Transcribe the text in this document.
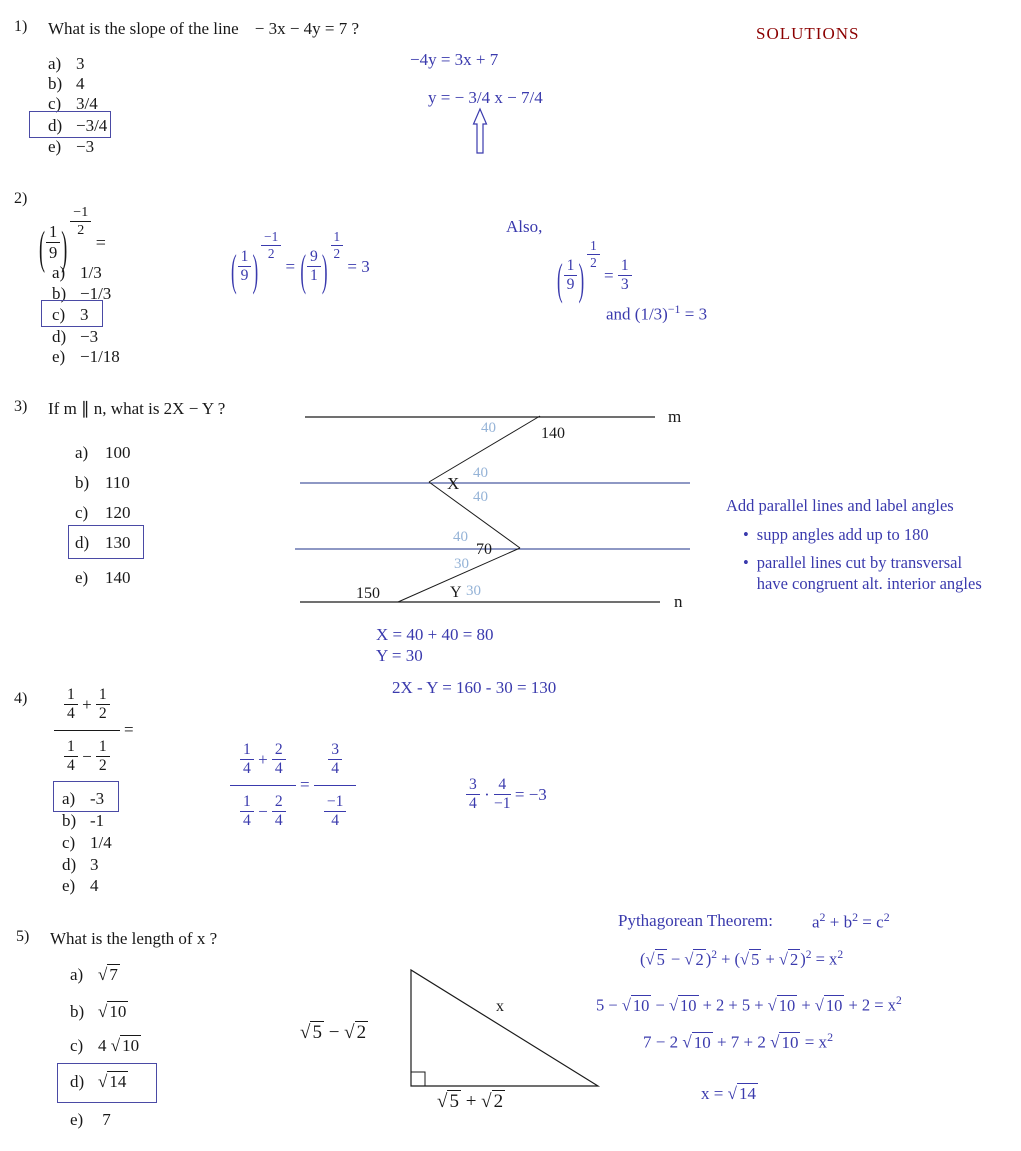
SOLUTIONS
1) What is the slope of the line − 3x − 4y = 7 ?
a) 3
b) 4
c) 3/4
d) −3/4
e) −3
−4y = 3x + 7
y = − 3/4 x − 7/4
2)
( $\frac{1}{9}$ ) $\frac{-1}{2}$
=
a) 1/3
b) −1/3
c) 3
d) −3
e) −1/18
( $\frac{1}{9}$ )
$\frac{-1}{2}$
= ( $\frac{9}{1}$ )
$\frac{1}{2}$
= 3
Also,
( $\frac{1}{9}$ )
$\frac{1}{2}$
= $\frac{1}{3}$
and $(1/3)^{-1} = 3$
3) If m ∥ n, what is 2X − Y ?
a) 100
b) 110
c) 120
d) 130
e) 140
m
n
40	140
40
X
40
40
70
30
150	Y 30
Add parallel lines and label angles
• supp angles add up to 180
• parallel lines cut by transversal have congruent alt. interior angles
X = 40 + 40 = 80
Y = 30
2X - Y = 160 - 30 = 130
$4) \frac{\frac{1}{4} + \frac{1}{2}}{\frac{1}{4} - \frac{1}{2}}$ =
a) -3
b) -1
c) 1/4
d) 3
e) 4
$\frac{\frac{1}{4} + \frac{2}{4}}{\frac{1}{4} - \frac{2}{4}} = \frac{\frac{3}{4}}{\frac{-1}{4}}$	$\frac{3}{4} \cdot \frac{4}{-1} = -3$
5) What is the length of x ?
a) √ 7
b) √ 10
c) 4 √ 10
d) √ 14
e) 7
x
√ 5 − √ 2
√ 5 + √ 2
Pythagorean Theorem: $a^2 + b^2 = c^2$
(√ 5 − √ 2 )$^2$ + (√ 5 + √ 2 )$^2 = x^2$
5 − √ 10 − √ 10 + 2 + 5 + √ 10 + √ $10 + 2 = x^2$
7 − 2 √ 10 + 7 + 2 √ $10 = x^2$
x = √ 14
